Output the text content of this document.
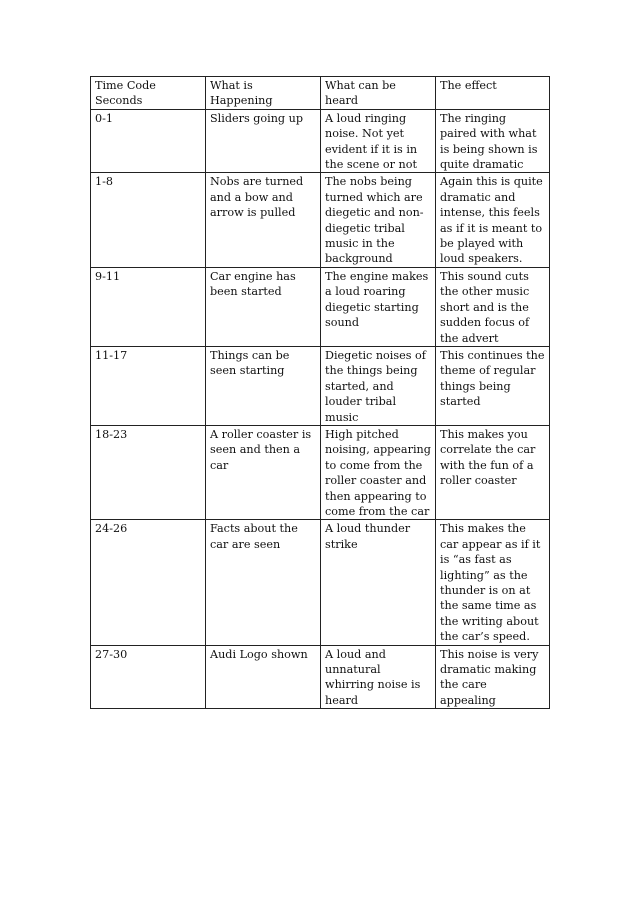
Time Code Seconds	What is Happening	What can be heard	The effect
0-1	Sliders going up	A loud ringing noise. Not yet evident if it is in the scene or not	The ringing paired with what is being shown is quite dramatic
1-8	Nobs are turned and a bow and arrow is pulled	The nobs being turned which are diegetic and non-diegetic tribal music in the background	Again this is quite dramatic and intense, this feels as if it is meant to be played with loud speakers.
9-11	Car engine has been started	The engine makes a loud roaring diegetic starting sound	This sound cuts the other music short and is the sudden focus of the advert
11-17	Things can be seen starting	Diegetic noises of the things being started, and louder tribal music	This continues the theme of regular things being started
18-23	A roller coaster is seen and then a car	High pitched noising, appearing to come from the roller coaster and then appearing to come from the car	This makes you correlate the car with the fun of a roller coaster
24-26	Facts about the car are seen	A loud thunder strike	This makes the car appear as if it is “as fast as lighting” as the thunder is on at the same time as the writing about the car’s speed.
27-30	Audi Logo shown	A loud and unnatural whirring noise is heard	This noise is very dramatic making the care appealing
